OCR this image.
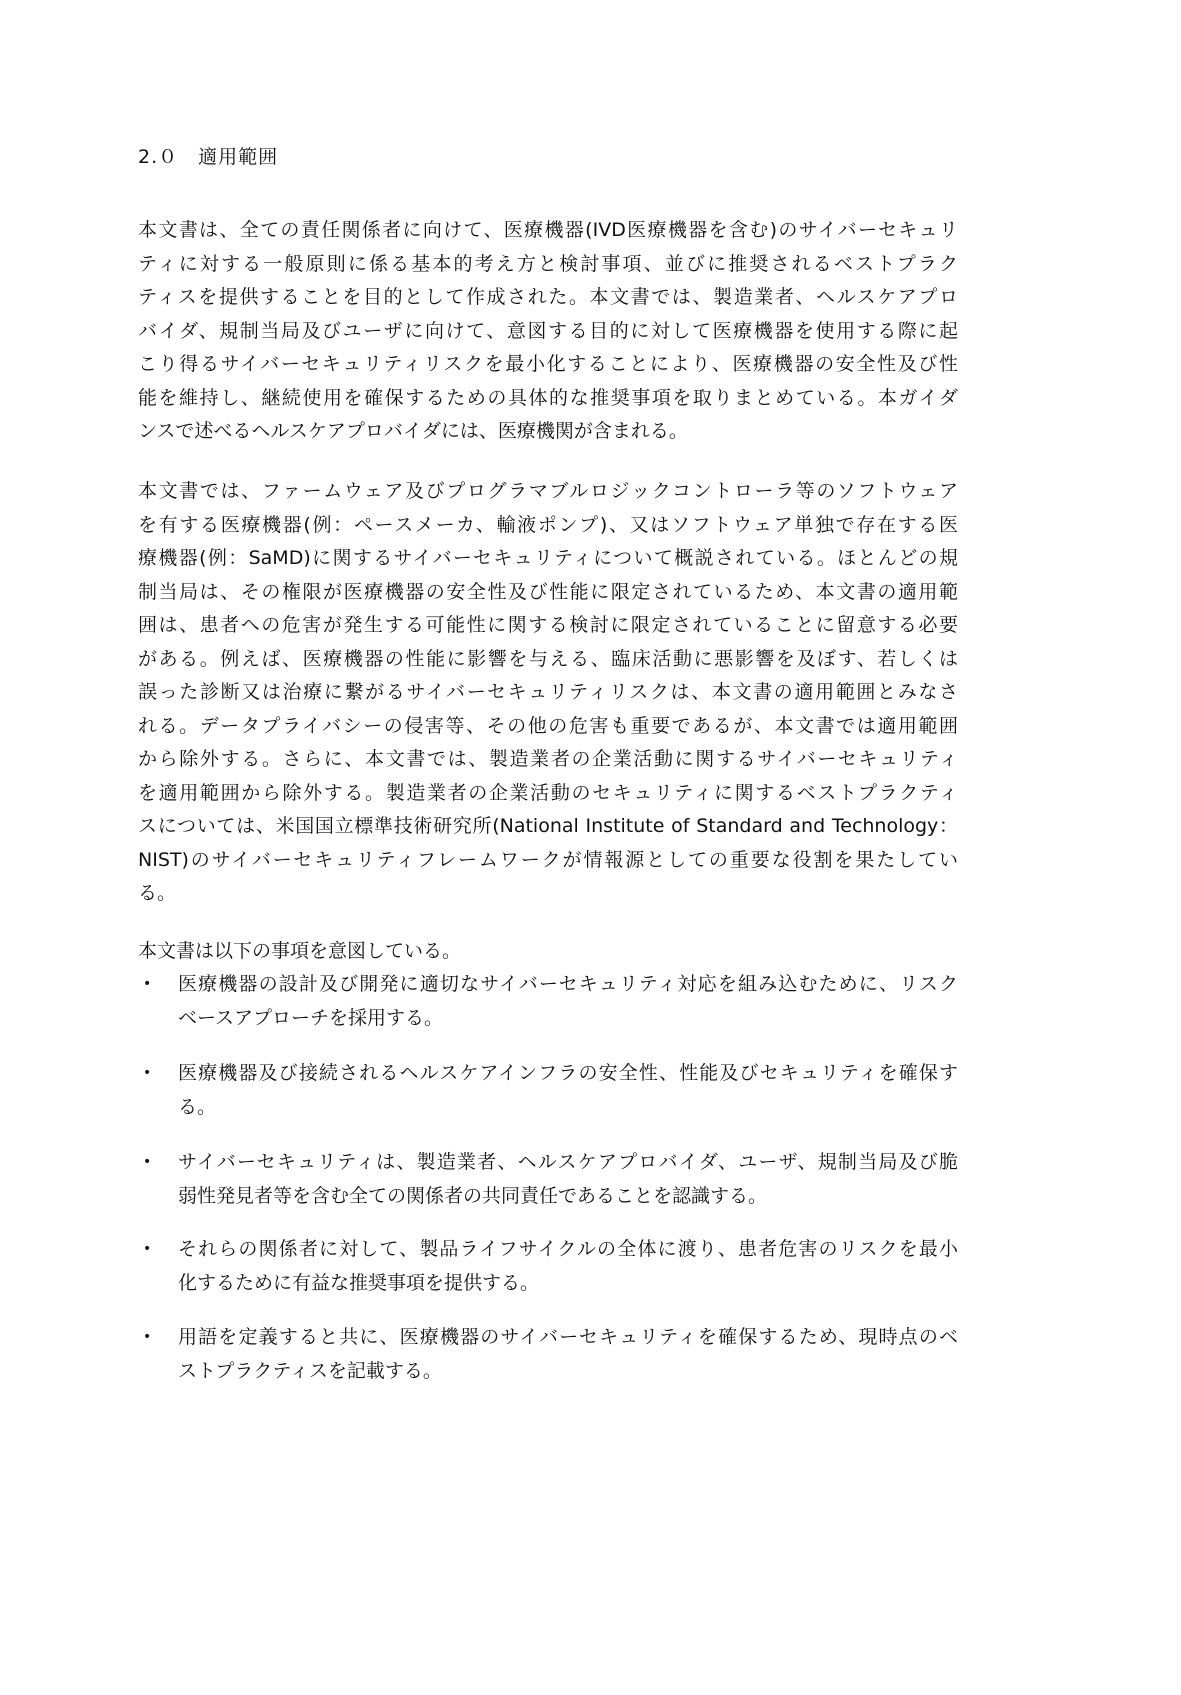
2.０　適用範囲
本文書は、全ての責任関係者に向けて、医療機器(IVD医療機器を含む)のサイバーセキュリ
ティに対する一般原則に係る基本的考え方と検討事項、並びに推奨されるベストプラク
ティスを提供することを目的として作成された。本文書では、製造業者、ヘルスケアプロ
バイダ、規制当局及びユーザに向けて、意図する目的に対して医療機器を使用する際に起
こり得るサイバーセキュリティリスクを最小化することにより、医療機器の安全性及び性
能を維持し、継続使用を確保するための具体的な推奨事項を取りまとめている。本ガイダ
ンスで述べるヘルスケアプロバイダには、医療機関が含まれる。
本文書では、ファームウェア及びプログラマブルロジックコントローラ等のソフトウェア
を有する医療機器(例：ペースメーカ、輸液ポンプ)、又はソフトウェア単独で存在する医
療機器(例：SaMD)に関するサイバーセキュリティについて概説されている。ほとんどの規
制当局は、その権限が医療機器の安全性及び性能に限定されているため、本文書の適用範
囲は、患者への危害が発生する可能性に関する検討に限定されていることに留意する必要
がある。例えば、医療機器の性能に影響を与える、臨床活動に悪影響を及ぼす、若しくは
誤った診断又は治療に繋がるサイバーセキュリティリスクは、本文書の適用範囲とみなさ
れる。データプライバシーの侵害等、その他の危害も重要であるが、本文書では適用範囲
から除外する。さらに、本文書では、製造業者の企業活動に関するサイバーセキュリティ
を適用範囲から除外する。製造業者の企業活動のセキュリティに関するベストプラクティ
スについては、米国国立標準技術研究所(National Institute of Standard and Technology：
NIST)のサイバーセキュリティフレームワークが情報源としての重要な役割を果たしてい
る。
本文書は以下の事項を意図している。
• 医療機器の設計及び開発に適切なサイバーセキュリティ対応を組み込むために、リスク
ベースアプローチを採用する。
• 医療機器及び接続されるヘルスケアインフラの安全性、性能及びセキュリティを確保す
る。
• サイバーセキュリティは、製造業者、ヘルスケアプロバイダ、ユーザ、規制当局及び脆
弱性発見者等を含む全ての関係者の共同責任であることを認識する。
• それらの関係者に対して、製品ライフサイクルの全体に渡り、患者危害のリスクを最小
化するために有益な推奨事項を提供する。
• 用語を定義すると共に、医療機器のサイバーセキュリティを確保するため、現時点のベ
ストプラクティスを記載する。
